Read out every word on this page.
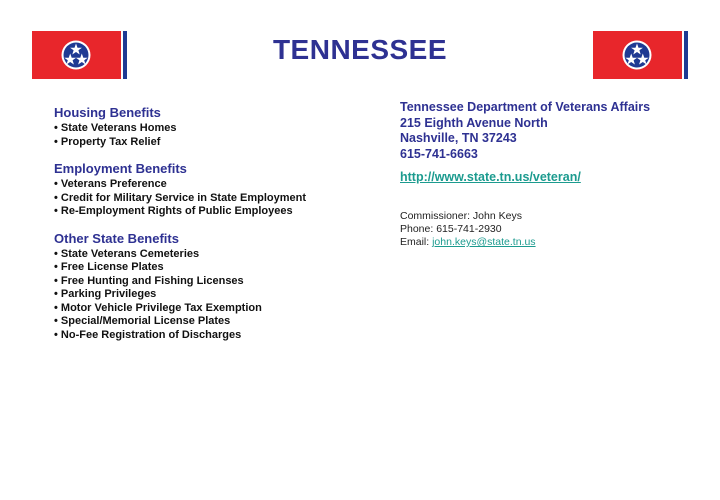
TENNESSEE
Housing Benefits
• State Veterans Homes
• Property Tax Relief
Employment Benefits
• Veterans Preference
• Credit for Military Service in State Employment
• Re-Employment Rights of Public Employees
Other State Benefits
• State Veterans Cemeteries
• Free License Plates
• Free Hunting and Fishing Licenses
• Parking Privileges
• Motor Vehicle Privilege Tax Exemption
• Special/Memorial License Plates
• No-Fee Registration of Discharges
Tennessee Department of Veterans Affairs
215 Eighth Avenue North
Nashville, TN 37243
615-741-6663
http://www.state.tn.us/veteran/
Commissioner: John Keys
Phone: 615-741-2930
Email: john.keys@state.tn.us
